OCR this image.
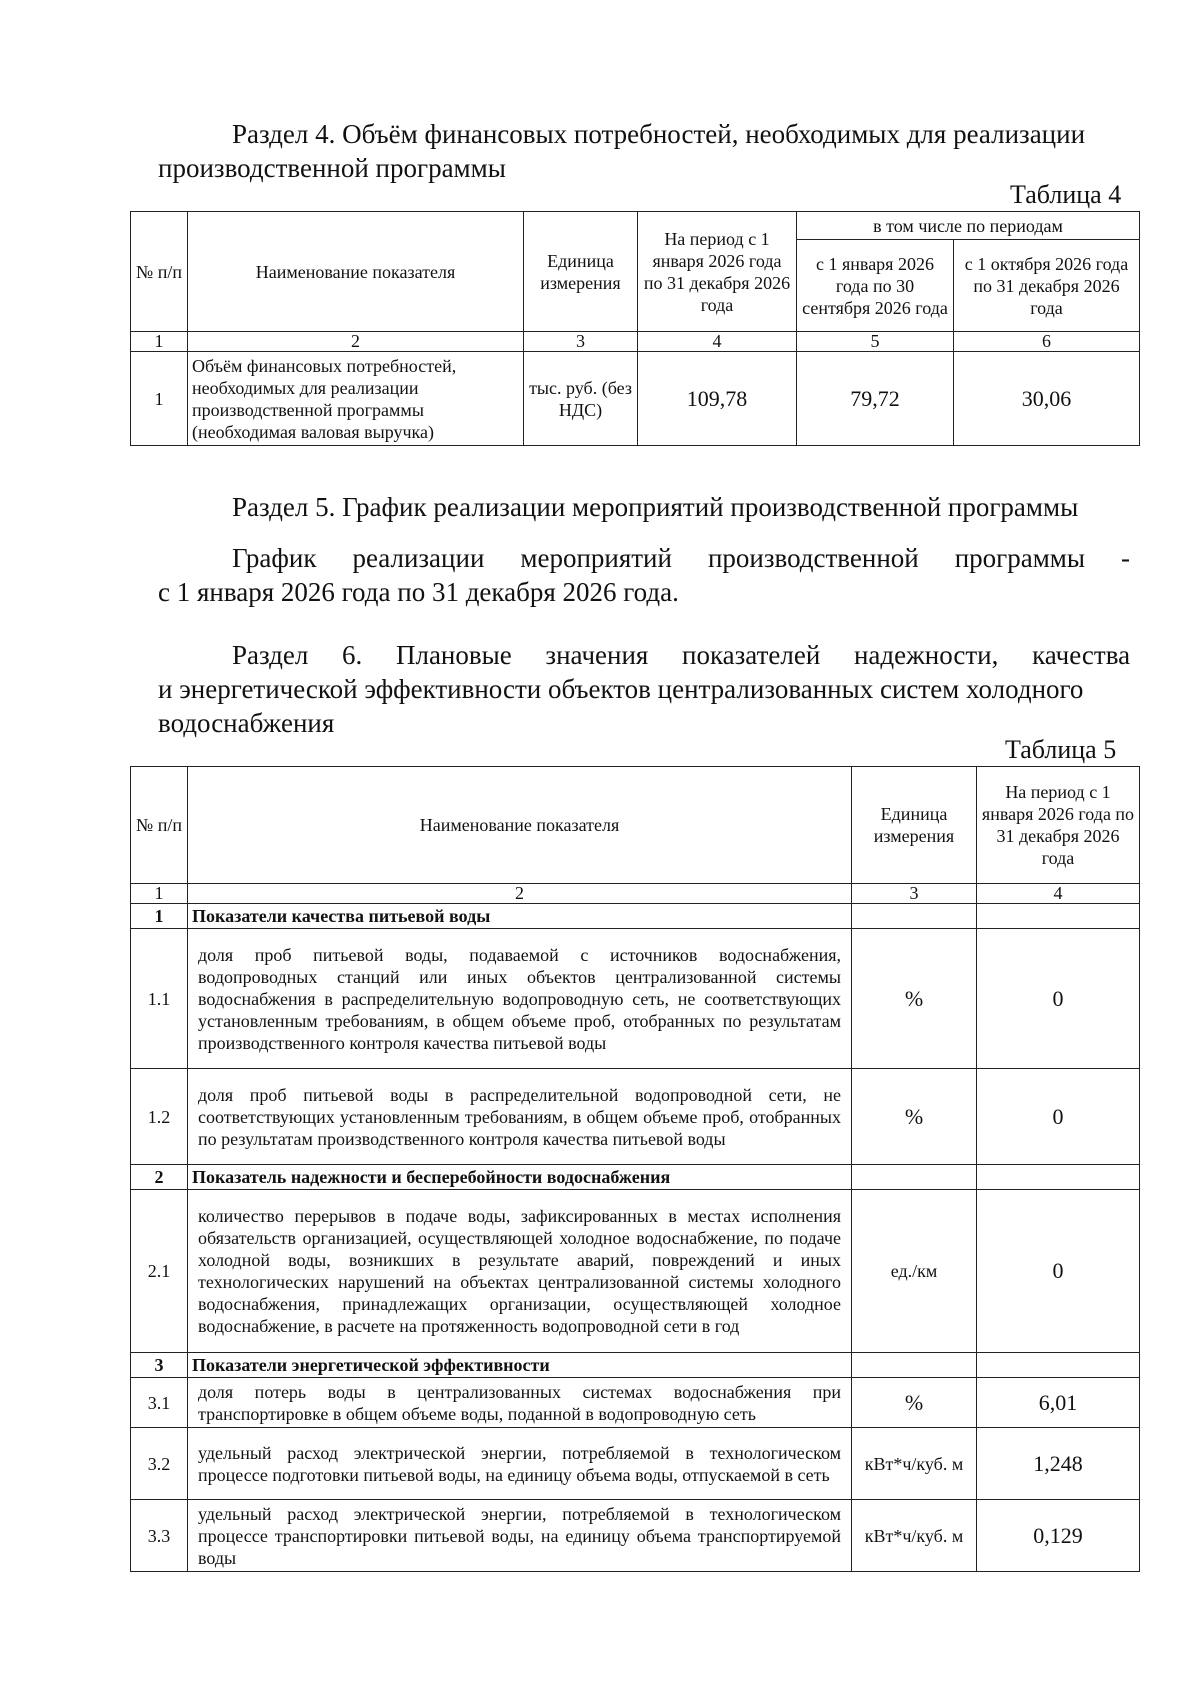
Раздел 4. Объём финансовых потребностей, необходимых для реализации
производственной программы
Таблица 4
№ п/п	Наименование показателя	Единица измерения	На период с 1 января 2026 года по 31 декабря 2026 года	в том числе по периодам	
				с 1 января 2026 года по 30 сентября 2026 года	с 1 октября 2026 года по 31 декабря 2026 года
1	2	3	4	5	6
1	Объём финансовых потребностей, необходимых для реализации производственной программы (необходимая валовая выручка)	тыс. руб. (без НДС)	109,78	79,72	30,06
Раздел 5. График реализации мероприятий производственной программы
График реализации мероприятий производственной программы -
с 1 января 2026 года по 31 декабря 2026 года.
Раздел 6. Плановые значения показателей надежности, качества
и энергетической эффективности объектов централизованных систем холодного
водоснабжения
Таблица 5
№ п/п	Наименование показателя	Единица измерения	На период с 1 января 2026 года по 31 декабря 2026 года
1	2	3	4
1	Показатели качества питьевой воды		
1.1	доля проб питьевой воды, подаваемой с источников водоснабжения, водопроводных станций или иных объектов централизованной системы водоснабжения в распределительную водопроводную сеть, не соответствующих установленным требованиям, в общем объеме проб, отобранных по результатам производственного контроля качества питьевой воды	%	0
1.2	доля проб питьевой воды в распределительной водопроводной сети, не соответствующих установленным требованиям, в общем объеме проб, отобранных по результатам производственного контроля качества питьевой воды	%	0
2	Показатель надежности и бесперебойности водоснабжения		
2.1	количество перерывов в подаче воды, зафиксированных в местах исполнения обязательств организацией, осуществляющей холодное водоснабжение, по подаче холодной воды, возникших в результате аварий, повреждений и иных технологических нарушений на объектах централизованной системы холодного водоснабжения, принадлежащих организации, осуществляющей холодное водоснабжение, в расчете на протяженность водопроводной сети в год	ед./км	0
3	Показатели энергетической эффективности		
3.1	доля потерь воды в централизованных системах водоснабжения при транспортировке в общем объеме воды, поданной в водопроводную сеть	%	6,01
3.2	удельный расход электрической энергии, потребляемой в технологическом процессе подготовки питьевой воды, на единицу объема воды, отпускаемой в сеть	кВт*ч/куб. м	1,248
3.3	удельный расход электрической энергии, потребляемой в технологическом процессе транспортировки питьевой воды, на единицу объема транспортируемой воды	кВт*ч/куб. м	0,129
